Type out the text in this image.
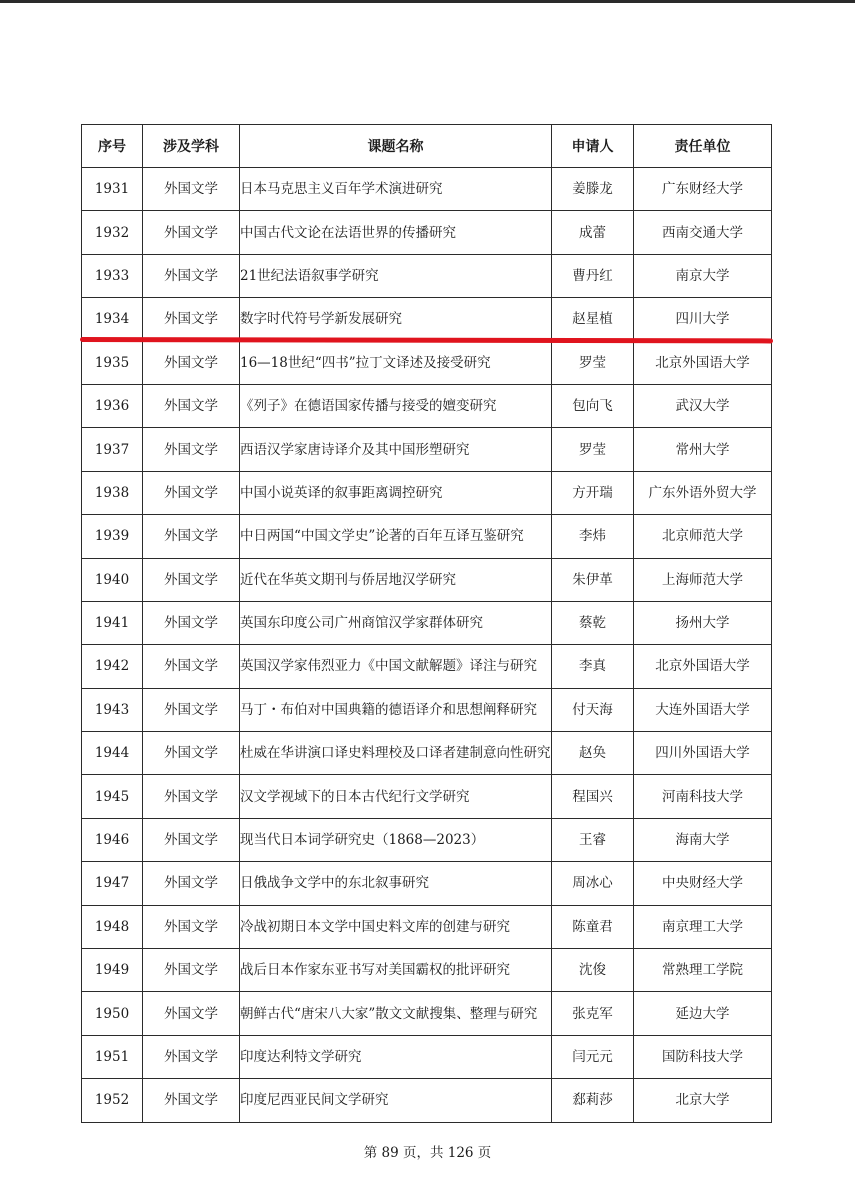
序号	涉及学科	课题名称	申请人	责任单位
1931	外国文学	日本马克思主义百年学术演进研究	姜滕龙	广东财经大学
1932	外国文学	中国古代文论在法语世界的传播研究	成蕾	西南交通大学
1933	外国文学	21世纪法语叙事学研究	曹丹红	南京大学
1934	外国文学	数字时代符号学新发展研究	赵星植	四川大学
1935	外国文学	16—18世纪“四书”拉丁文译述及接受研究	罗莹	北京外国语大学
1936	外国文学	《列子》在德语国家传播与接受的嬗变研究	包向飞	武汉大学
1937	外国文学	西语汉学家唐诗译介及其中国形塑研究	罗莹	常州大学
1938	外国文学	中国小说英译的叙事距离调控研究	方开瑞	广东外语外贸大学
1939	外国文学	中日两国“中国文学史”论著的百年互译互鉴研究	李炜	北京师范大学
1940	外国文学	近代在华英文期刊与侨居地汉学研究	朱伊革	上海师范大学
1941	外国文学	英国东印度公司广州商馆汉学家群体研究	蔡乾	扬州大学
1942	外国文学	英国汉学家伟烈亚力《中国文献解题》译注与研究	李真	北京外国语大学
1943	外国文学	马丁・布伯对中国典籍的德语译介和思想阐释研究	付天海	大连外国语大学
1944	外国文学	杜威在华讲演口译史料理校及口译者建制意向性研究	赵奂	四川外国语大学
1945	外国文学	汉文学视域下的日本古代纪行文学研究	程国兴	河南科技大学
1946	外国文学	现当代日本词学研究史（1868—2023）	王睿	海南大学
1947	外国文学	日俄战争文学中的东北叙事研究	周冰心	中央财经大学
1948	外国文学	冷战初期日本文学中国史料文库的创建与研究	陈童君	南京理工大学
1949	外国文学	战后日本作家东亚书写对美国霸权的批评研究	沈俊	常熟理工学院
1950	外国文学	朝鲜古代“唐宋八大家”散文文献搜集、整理与研究	张克军	延边大学
1951	外国文学	印度达利特文学研究	闫元元	国防科技大学
1952	外国文学	印度尼西亚民间文学研究	郄莉莎	北京大学
第 89 页，共 126 页
